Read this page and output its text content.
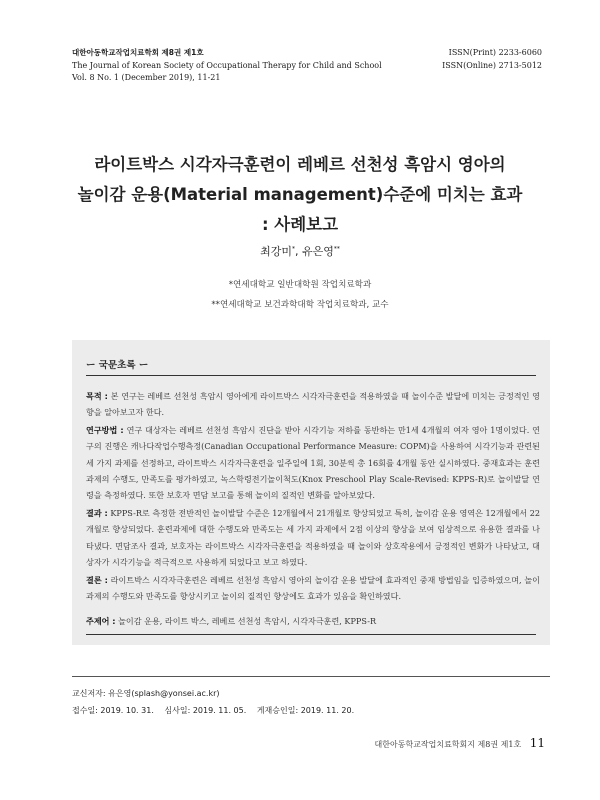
대한아동학교작업치료학회 제8권 제1호
The Journal of Korean Society of Occupational Therapy for Child and School
Vol. 8 No. 1 (December 2019), 11-21
ISSN(Print) 2233-6060
ISSN(Online) 2713-5012
라이트박스 시각자극훈련이 레베르 선천성 흑암시 영아의
놀이감 운용(Material management)수준에 미치는 효과
: 사례보고
최강미*, 유은영**
*연세대학교 일반대학원 작업치료학과
**연세대학교 보건과학대학 작업치료학과, 교수
ー 국문초록 ー
목적 : 본 연구는 레베르 선천성 흑암시 영아에게 라이트박스 시각자극훈련을 적용하였을 때 놀이수준 발달에 미치는 긍정적인 영향을 알아보고자 한다.
연구방법 : 연구 대상자는 레베르 선천성 흑암시 진단을 받아 시각기능 저하를 동반하는 만1세 4개월의 여자 영아 1명이었다. 연구의 진행은 캐나다작업수행측정(Canadian Occupational Performance Measure: COPM)을 사용하여 시각기능과 관련된 세 가지 과제를 선정하고, 라이트박스 시각자극훈련을 일주일에 1회, 30분씩 총 16회를 4개월 동안 실시하였다. 중재효과는 훈련과제의 수행도, 만족도를 평가하였고, 녹스학령전기놀이척도(Knox Preschool Play Scale-Revised: KPPS-R)로 놀이발달 연령을 측정하였다. 또한 보호자 면담 보고를 통해 놀이의 질적인 변화를 알아보았다.
결과 : KPPS-R로 측정한 전반적인 놀이발달 수준은 12개월에서 21개월로 향상되었고 특히, 놀이감 운용 영역은 12개월에서 22개월로 향상되었다. 훈련과제에 대한 수행도와 만족도는 세 가지 과제에서 2점 이상의 향상을 보여 임상적으로 유용한 결과를 나타냈다. 면담조사 결과, 보호자는 라이트박스 시각자극훈련을 적용하였을 때 놀이와 상호작용에서 긍정적인 변화가 나타났고, 대상자가 시각기능을 적극적으로 사용하게 되었다고 보고 하였다.
결론 : 라이트박스 시각자극훈련은 레베르 선천성 흑암시 영아의 놀이감 운용 발달에 효과적인 중재 방법임을 입증하였으며, 놀이과제의 수행도와 만족도를 향상시키고 놀이의 질적인 향상에도 효과가 있음을 확인하였다.
주제어 : 놀이감 운용, 라이트 박스, 레베르 선천성 흑암시, 시각자극훈련, KPPS-R
교신저자: 유은영(splash@yonsei.ac.kr)
접수일: 2019. 10. 31. 심사일: 2019. 11. 05. 게재승인일: 2019. 11. 20.
대한아동학교작업치료학회지 제8권 제1호 11
